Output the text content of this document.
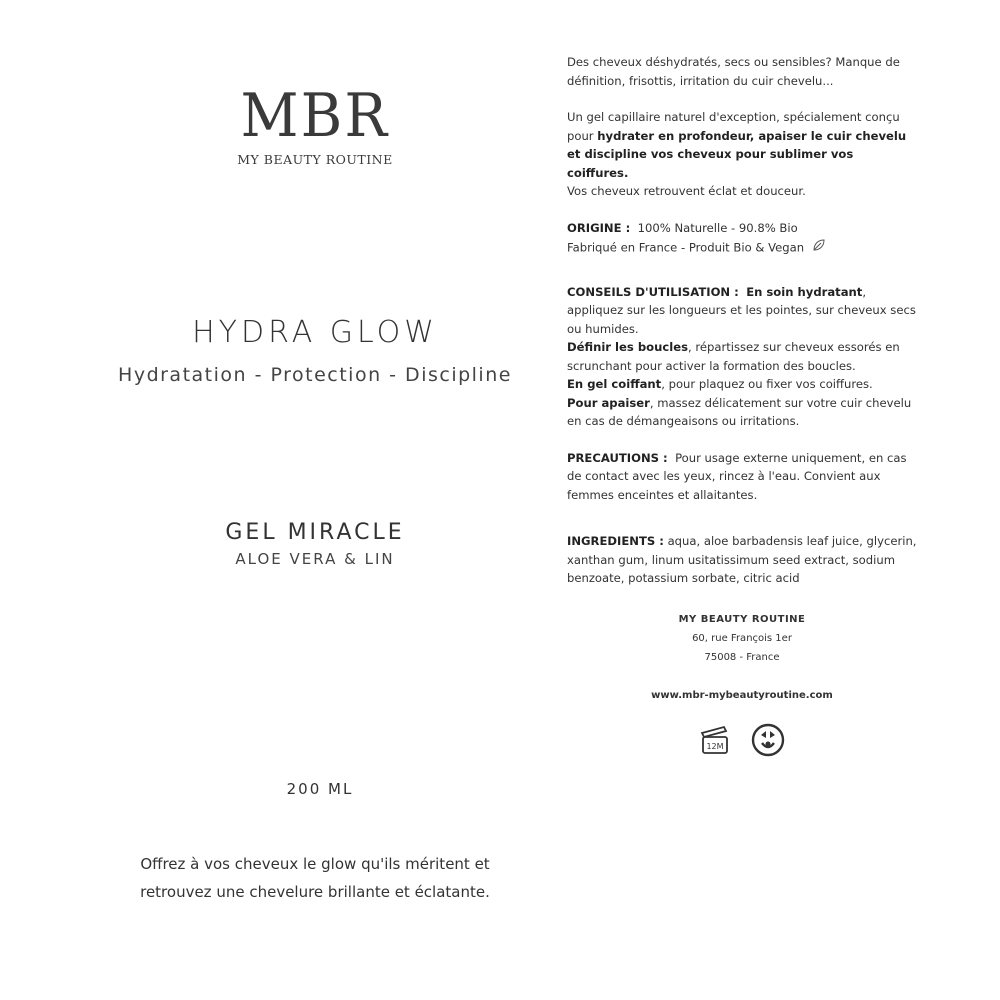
MBR
MY BEAUTY ROUTINE
HYDRA GLOW
Hydratation - Protection - Discipline
GEL MIRACLE
ALOE VERA & LIN
200 ML
Offrez à vos cheveux le glow qu'ils méritent et
retrouvez une chevelure brillante et éclatante.

Des cheveux déshydratés, secs ou sensibles? Manque de définition, frisottis, irritation du cuir chevelu...

Un gel capillaire naturel d'exception, spécialement conçu pour hydrater en profondeur, apaiser le cuir chevelu et discipline vos cheveux pour sublimer vos coiffures.

Vos cheveux retrouvent éclat et douceur.

ORIGINE : 100% Naturelle - 90.8% Bio

Fabriqué en France - Produit Bio & Vegan

CONSEILS D'UTILISATION : En soin hydratant, appliquez sur les longueurs et les pointes, sur cheveux secs ou humides.

Définir les boucles, répartissez sur cheveux essorés en scrunchant pour activer la formation des boucles.

En gel coiffant, pour plaquez ou fixer vos coiffures.

Pour apaiser, massez délicatement sur votre cuir chevelu en cas de démangeaisons ou irritations.

PRECAUTIONS : Pour usage externe uniquement, en cas de contact avec les yeux, rincez à l'eau. Convient aux femmes enceintes et allaitantes.

INGREDIENTS : aqua, aloe barbadensis leaf juice, glycerin, xanthan gum, linum usitatissimum seed extract, sodium benzoate, potassium sorbate, citric acid

MY BEAUTY ROUTINE
60, rue François 1er
75008 - France
www.mbr-mybeautyroutine.com
12M
